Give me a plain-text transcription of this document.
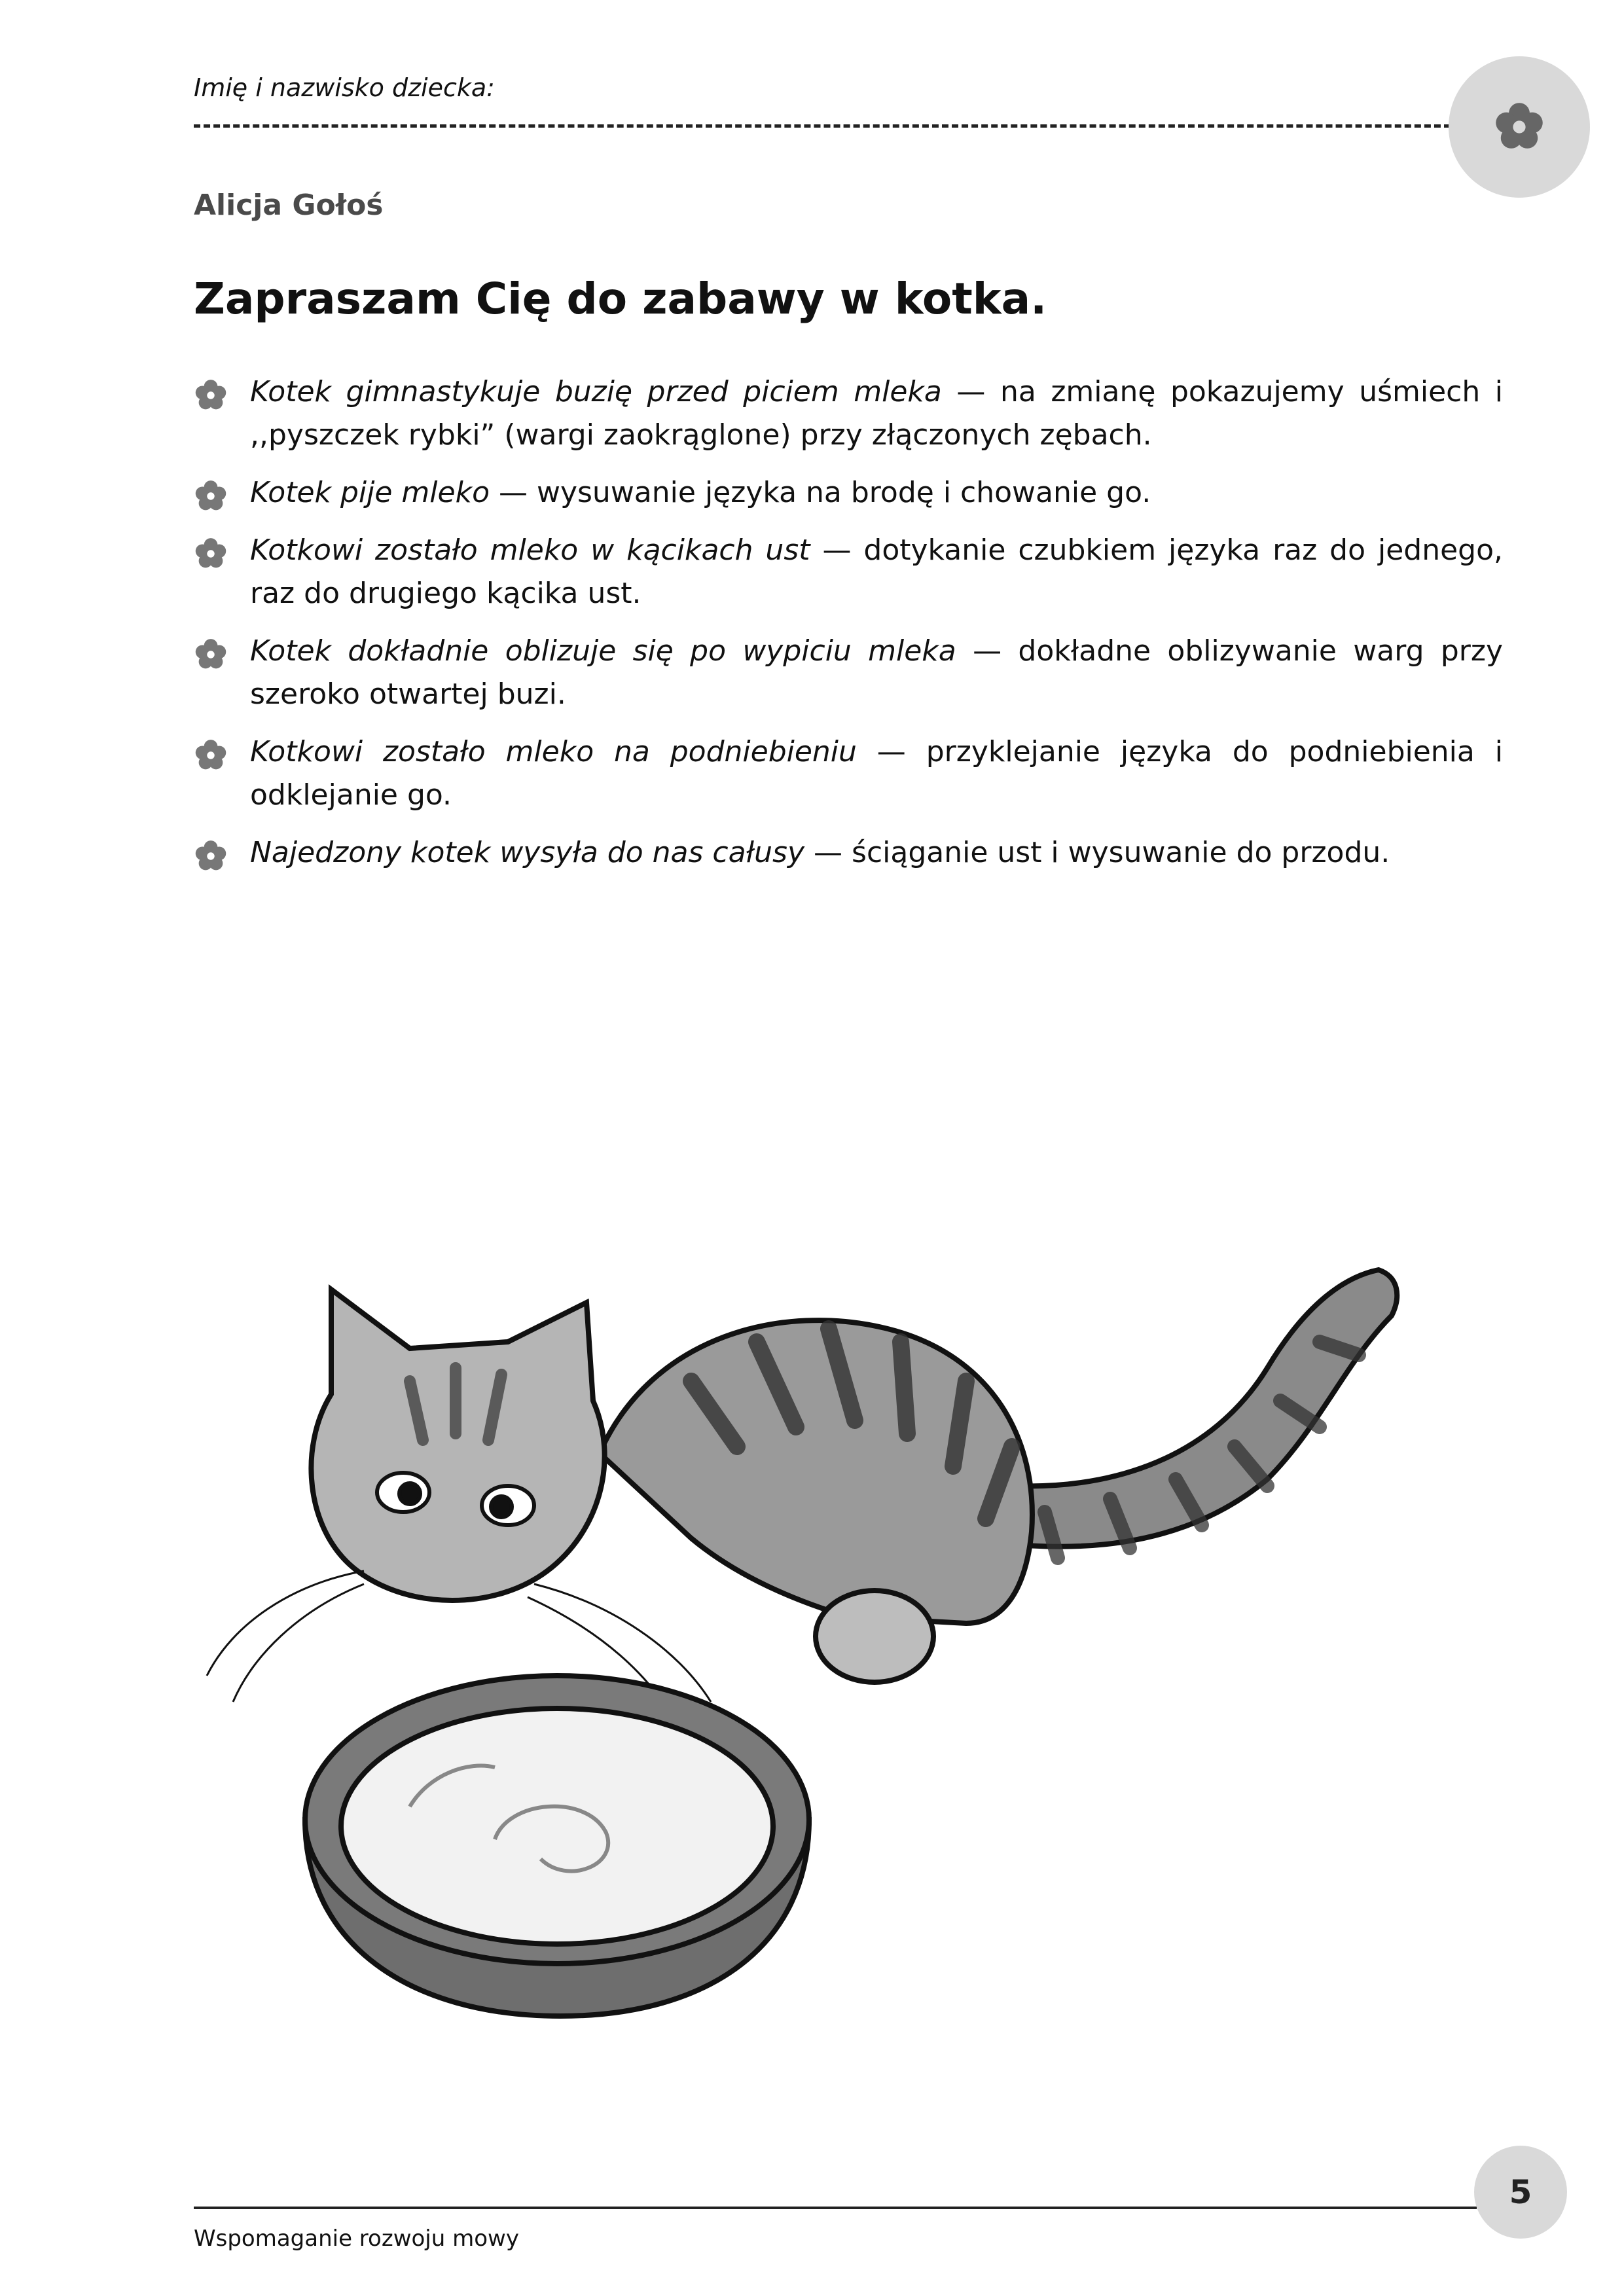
Imię i nazwisko dziecka:
Alicja Gołoś
Zapraszam Cię do zabawy w kotka.
Kotek gimnastykuje buzię przed piciem mleka — na zmianę pokazujemy uśmiech i ,,pyszczek rybki” (wargi zaokrąglone) przy złączonych zębach.
Kotek pije mleko — wysuwanie języka na brodę i chowanie go.
Kotkowi zostało mleko w kącikach ust — dotykanie czubkiem języka raz do jednego, raz do drugiego kącika ust.
Kotek dokładnie oblizuje się po wypiciu mleka — dokładne oblizywanie warg przy szeroko otwartej buzi.
Kotkowi zostało mleko na podniebieniu — przyklejanie języka do podniebienia i odklejanie go.
Najedzony kotek wysyła do nas całusy — ściąganie ust i wysuwanie do przodu.
Wspomaganie rozwoju mowy
5
